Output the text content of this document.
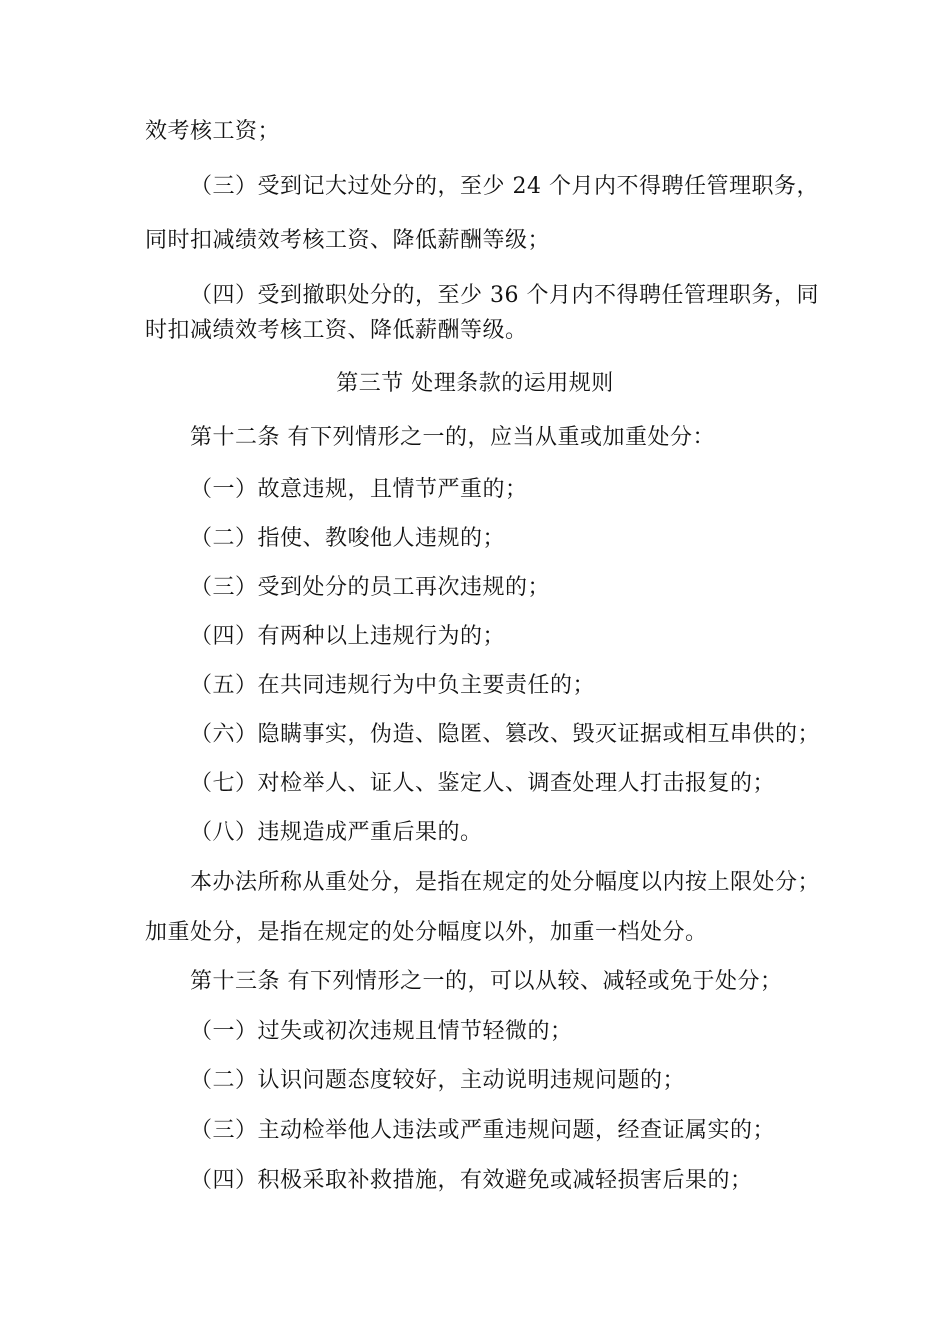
效考核工资；
（三）受到记大过处分的，至少 24 个月内不得聘任管理职务，
同时扣减绩效考核工资、降低薪酬等级；
（四）受到撤职处分的，至少 36 个月内不得聘任管理职务，同
时扣减绩效考核工资、降低薪酬等级。
第三节 处理条款的运用规则
第十二条 有下列情形之一的，应当从重或加重处分：
（一）故意违规，且情节严重的；
（二）指使、教唆他人违规的；
（三）受到处分的员工再次违规的；
（四）有两种以上违规行为的；
（五）在共同违规行为中负主要责任的；
（六）隐瞒事实，伪造、隐匿、篡改、毁灭证据或相互串供的；
（七）对检举人、证人、鉴定人、调查处理人打击报复的；
（八）违规造成严重后果的。
本办法所称从重处分，是指在规定的处分幅度以内按上限处分；
加重处分，是指在规定的处分幅度以外，加重一档处分。
第十三条 有下列情形之一的，可以从较、减轻或免于处分；
（一）过失或初次违规且情节轻微的；
（二）认识问题态度较好，主动说明违规问题的；
（三）主动检举他人违法或严重违规问题，经查证属实的；
（四）积极采取补救措施，有效避免或减轻损害后果的；
